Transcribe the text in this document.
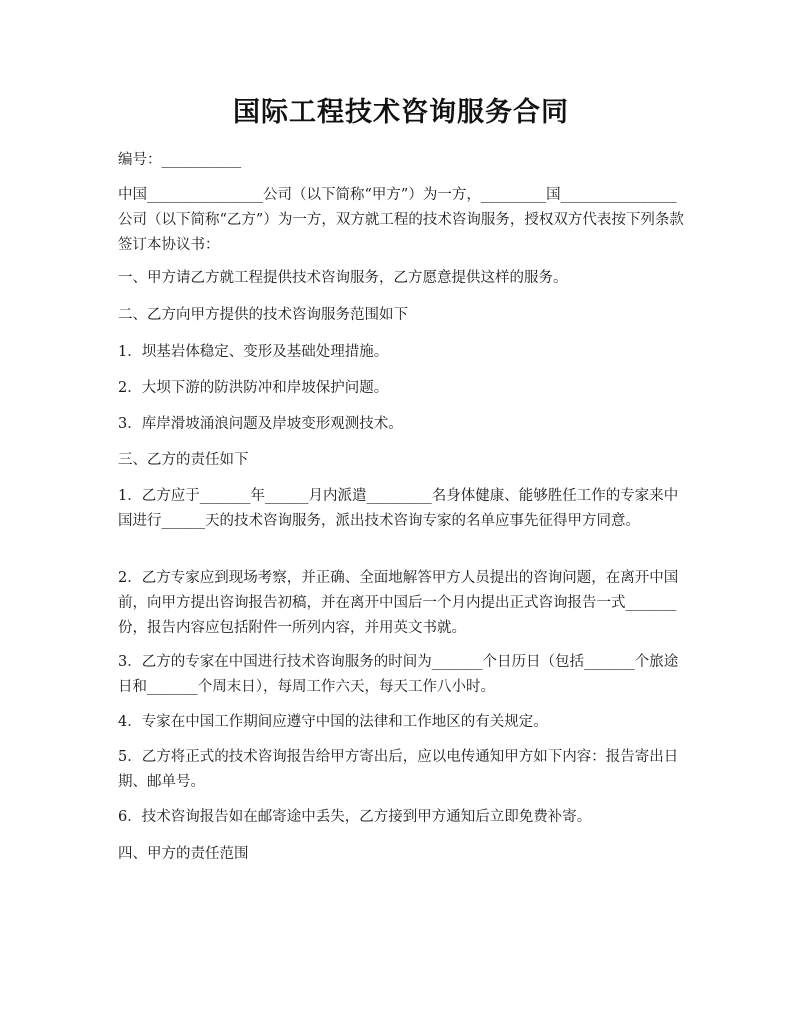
国际工程技术咨询服务合同

编号：___________

中国________________公司（以下简称“甲方”）为一方，_________国________________公司（以下简称“乙方”）为一方，双方就工程的技术咨询服务，授权双方代表按下列条款签订本协议书：

一、甲方请乙方就工程提供技术咨询服务，乙方愿意提供这样的服务。

二、乙方向甲方提供的技术咨询服务范围如下

1．坝基岩体稳定、变形及基础处理措施。

2．大坝下游的防洪防冲和岸坡保护问题。

3．库岸滑坡涌浪问题及岸坡变形观测技术。

三、乙方的责任如下

1．乙方应于_______年______月内派遣_________名身体健康、能够胜任工作的专家来中国进行______天的技术咨询服务，派出技术咨询专家的名单应事先征得甲方同意。

2．乙方专家应到现场考察，并正确、全面地解答甲方人员提出的咨询问题，在离开中国前，向甲方提出咨询报告初稿，并在离开中国后一个月内提出正式咨询报告一式_______份，报告内容应包括附件一所列内容，并用英文书就。

3．乙方的专家在中国进行技术咨询服务的时间为_______个日历日（包括_______个旅途日和_______个周末日），每周工作六天，每天工作八小时。

4．专家在中国工作期间应遵守中国的法律和工作地区的有关规定。

5．乙方将正式的技术咨询报告给甲方寄出后，应以电传通知甲方如下内容：报告寄出日期、邮单号。

6．技术咨询报告如在邮寄途中丢失，乙方接到甲方通知后立即免费补寄。

四、甲方的责任范围
